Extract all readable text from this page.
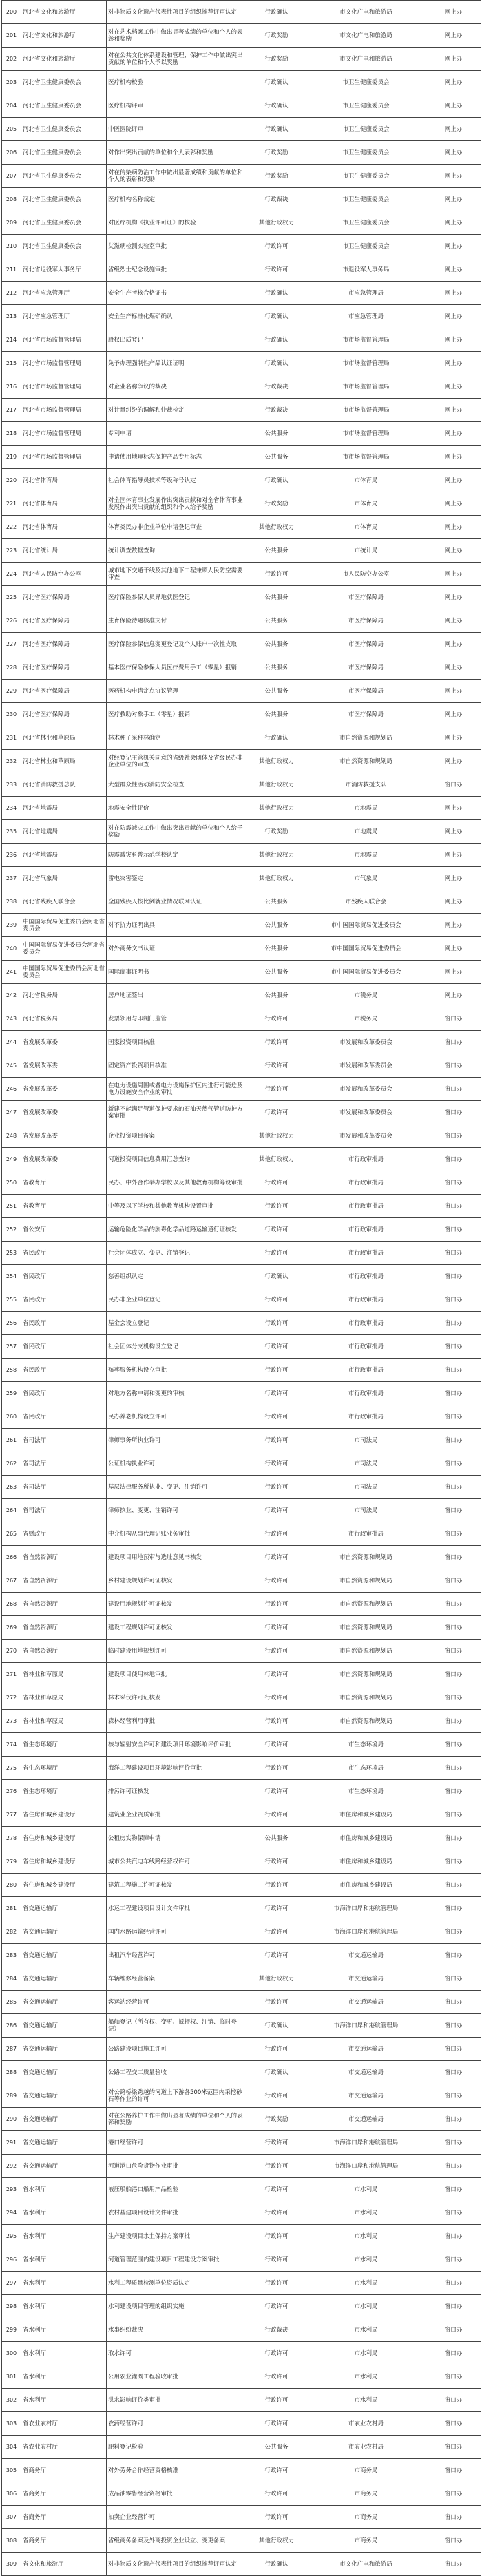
200	河北省文化和旅游厅	对非物质文化遗产代表性项目的组织推荐评审认定	行政确认	市文化广电和旅游局	网上办
201	河北省文化和旅游厅	对在艺术档案工作中做出显著成绩的单位和个人的表彰和奖励	行政奖励	市文化广电和旅游局	网上办
202	河北省文化和旅游厅	对在公共文化体系建设和管理、保护工作中做出突出贡献的单位和个人予以奖励	行政奖励	市文化广电和旅游局	网上办
203	河北省卫生健康委员会	医疗机构校验	行政确认	市卫生健康委员会	网上办
204	河北省卫生健康委员会	医疗机构评审	行政确认	市卫生健康委员会	网上办
205	河北省卫生健康委员会	中医医院评审	行政确认	市卫生健康委员会	网上办
206	河北省卫生健康委员会	对作出突出贡献的单位和个人表彰和奖励	行政奖励	市卫生健康委员会	网上办
207	河北省卫生健康委员会	对在传染病防治工作中做出显著成绩和贡献的单位和个人的表彰和奖励	行政奖励	市卫生健康委员会	网上办
208	河北省卫生健康委员会	医疗机构名称裁定	行政裁决	市卫生健康委员会	网上办
209	河北省卫生健康委员会	对医疗机构《执业许可证》的校验	其他行政权力	市卫生健康委员会	网上办
210	河北省卫生健康委员会	艾滋病检测实验室审批	行政许可	市卫生健康委员会	网上办
211	河北省退役军人事务厅	省级烈士纪念设施审批	行政许可	市退役军人事务局	网上办
212	河北省应急管理厅	安全生产考核合格证书	行政确认	市应急管理局	网上办
213	河北省应急管理厅	安全生产标准化煤矿确认	行政确认	市应急管理局	网上办
214	河北省市场监督管理局	股权出质登记	行政确认	市市场监督管理局	网上办
215	河北省市场监督管理局	免予办理强制性产品认证证明	行政确认	市市场监督管理局	网上办
216	河北省市场监督管理局	对企业名称争议的裁决	行政裁决	市市场监督管理局	网上办
217	河北省市场监督管理局	对计量纠纷的调解和仲裁检定	行政裁决	市市场监督管理局	网上办
218	河北省市场监督管理局	专利申请	公共服务	市市场监督管理局	网上办
219	河北省市场监督管理局	申请使用地理标志保护产品专用标志	公共服务	市市场监督管理局	网上办
220	河北省体育局	社会体育指导员技术等级称号认定	行政确认	市体育局	网上办
221	河北省体育局	对全国体育事业发展作出突出贡献和对全省体育事业发展作出突出贡献的组织和个人给予奖励	行政奖励	市体育局	网上办
222	河北省体育局	体育类民办非企业单位申请登记审查	其他行政权力	市体育局	网上办
223	河北省统计局	统计调查数据查询	公共服务	市统计局	网上办
224	河北省人民防空办公室	城市地下交通干线及其他地下工程兼顾人民防空需要审查	行政许可	市人民防空办公室	网上办
225	河北省医疗保障局	医疗保险参保人员异地就医登记	公共服务	市医疗保障局	网上办
226	河北省医疗保障局	生育保险待遇核准支付	公共服务	市医疗保障局	网上办
227	河北省医疗保障局	医疗保险参保信息变更登记及个人账户一次性支取	公共服务	市医疗保障局	网上办
228	河北省医疗保障局	基本医疗保险参保人员医疗费用手工（零星）报销	公共服务	市医疗保障局	网上办
229	河北省医疗保障局	医药机构申请定点协议管理	公共服务	市医疗保障局	网上办
230	河北省医疗保障局	医疗救助对象手工（零星）报销	公共服务	市医疗保障局	网上办
231	河北省林业和草原局	林木种子采种林确定	行政确认	市自然资源和规划局	网上办
232	河北省林业和草原局	对经登记主管机关同意的省级社会团体及省级民办非企业单位的审查	其他行政权力	市自然资源和规划局	网上办
233	河北省消防救援总队	大型群众性活动消防安全检查	其他行政权力	市消防救援支队	窗口办
234	河北省地震局	地震安全性评价	其他行政权力	市地震局	网上办
235	河北省地震局	对在防震减灾工作中做出突出贡献的单位和个人给予奖励	行政奖励	市地震局	网上办
236	河北省地震局	防震减灾科普示范学校认定	其他行政权力	市地震局	网上办
237	河北省气象局	雷电灾害鉴定	其他行政权力	市气象局	网上办
238	河北省残疾人联合会	全国残疾人按比例就业情况联网认证	公共服务	市残疾人联合会	网上办
239	中国国际贸易促进委员会河北省委员会	对不抗力证明出具	公共服务	市中国国际贸易促进委员会	网上办
240	中国国际贸易促进委员会河北省委员会	对外商务文书认证	公共服务	市中国国际贸易促进委员会	网上办
241	中国国际贸易促进委员会河北省委员会	国际商事证明书	公共服务	市中国国际贸易促进委员会	网上办
242	河北省税务局	居户地证签出	公共服务	市税务局	网上办
243	河北省税务局	发票领用与印制门监管	行政许可	市税务局	窗口办
244	省发展改革委	国家投资项目核准	行政许可	市发展和改革委员会	窗口办
245	省发展改革委	固定资产投资项目核准	行政许可	市发展和改革委员会	窗口办
246	省发展改革委	在电力设施周围或者电力设施保护区内进行可能危及电力设施安全作业的审批	行政许可	市发展和改革委员会	窗口办
247	省发展改革委	新建不能满足管道保护要求的石油天然气管道防护方案审批	行政许可	市发展和改革委员会	窗口办
248	省发展改革委	企业投资项目备案	其他行政权力	市发展和改革委员会	窗口办
249	省发展改革委	河道投资项目信息费用汇总查询	其他行政权力	市行政审批局	窗口办
250	省教育厅	民办、中外合作举办学校以及其他教育机构筹设审批	行政许可	市行政审批局	窗口办
251	省教育厅	中等及以下学校和其他教育机构设置审批	行政许可	市行政审批局	窗口办
252	省公安厅	运输危险化学品的剧毒化学品道路运输通行证核发	行政许可	市行政审批局	窗口办
253	省民政厅	社会团体成立、变更、注销登记	行政许可	市行政审批局	窗口办
254	省民政厅	慈善组织认定	行政确认	市行政审批局	窗口办
255	省民政厅	民办非企业单位登记	行政许可	市行政审批局	窗口办
256	省民政厅	基金会设立登记	行政许可	市行政审批局	窗口办
257	省民政厅	社会团体分支机构设立登记	行政许可	市行政审批局	窗口办
258	省民政厅	殡葬服务机构设立审批	行政许可	市行政审批局	窗口办
259	省民政厅	对地方名称申请和变更的审核	行政许可	市行政审批局	窗口办
260	省民政厅	民办养老机构设立许可	行政许可	市行政审批局	窗口办
261	省司法厅	律师事务所执业许可	行政许可	市司法局	窗口办
262	省司法厅	公证机构执业许可	行政许可	市司法局	窗口办
263	省司法厅	基层法律服务所执业、变更、注销许可	行政许可	市司法局	窗口办
264	省司法厅	律师执业、变更、注销许可	行政许可	市司法局	窗口办
265	省财政厅	中介机构从事代理记账业务审批	行政许可	市行政审批局	窗口办
266	省自然资源厅	建设项目用地预审与选址意见书核发	行政许可	市自然资源和规划局	窗口办
267	省自然资源厅	乡村建设规划许可证核发	行政许可	市自然资源和规划局	窗口办
268	省自然资源厅	建设用地规划许可证核发	行政许可	市自然资源和规划局	窗口办
269	省自然资源厅	建设工程规划许可证核发	行政许可	市自然资源和规划局	窗口办
270	省自然资源厅	临时建设用地规划许可	行政许可	市自然资源和规划局	窗口办
271	省林业和草原局	建设项目使用林地审批	行政许可	市自然资源和规划局	窗口办
272	省林业和草原局	林木采伐许可证核发	行政许可	市自然资源和规划局	窗口办
273	省林业和草原局	森林经营利用审批	行政许可	市自然资源和规划局	窗口办
274	省生态环境厅	核与辐射安全许可和建设项目环境影响评价审批	行政许可	市生态环境局	窗口办
275	省生态环境厅	海洋工程建设项目环境影响评价审批	行政许可	市生态环境局	窗口办
276	省生态环境厅	排污许可证核发	行政许可	市生态环境局	窗口办
277	省住房和城乡建设厅	建筑业企业资质审批	行政许可	市住房和城乡建设局	窗口办
278	省住房和城乡建设厅	公租房实物保障申请	公共服务	市住房和城乡建设局	窗口办
279	省住房和城乡建设厅	城市公共汽电车线路经营权许可	行政许可	市住房和城乡建设局	窗口办
280	省住房和城乡建设厅	建筑工程施工许可证核发	行政许可	市住房和城乡建设局	窗口办
281	省交通运输厅	水运工程建设项目设计文件审批	行政许可	市海洋口岸和港航管理局	窗口办
282	省交通运输厅	国内水路运输经营许可	行政许可	市海洋口岸和港航管理局	窗口办
283	省交通运输厅	出租汽车经营许可	行政许可	市交通运输局	窗口办
284	省交通运输厅	车辆维修经营备案	其他行政权力	市交通运输局	窗口办
285	省交通运输厅	客运站经营许可	行政许可	市交通运输局	窗口办
286	省交通运输厅	船舶登记（所有权、变更、抵押权、注销、临时登记）	行政确认	市海洋口岸和港航管理局	窗口办
287	省交通运输厅	公路建设项目施工许可	行政许可	市交通运输局	窗口办
288	省交通运输厅	公路工程交工质量验收	行政确认	市交通运输局	窗口办
289	省交通运输厅	对公路桥梁跨越的河道上下游各500米范围内采挖砂石等作业的许可	行政许可	市交通运输局	窗口办
290	省交通运输厅	对在公路养护工作中做出显著成绩的单位和个人的表彰和奖励	行政奖励	市交通运输局	窗口办
291	省交通运输厅	港口经营许可	行政许可	市海洋口岸和港航管理局	窗口办
292	省交通运输厅	河道港口危险货物作业审批	行政许可	市海洋口岸和港航管理局	窗口办
293	省水利厅	液压船舶港口船用产品检验	行政许可	市水利局	窗口办
294	省水利厅	农村基建项目设计文件审批	行政许可	市水利局	窗口办
295	省水利厅	生产建设项目水土保持方案审批	行政许可	市水利局	窗口办
296	省水利厅	河道管理范围内建设项目工程建设方案审批	行政许可	市水利局	窗口办
297	省水利厅	水利工程质量检测单位资质认定	行政许可	市水利局	窗口办
298	省水利厅	水利建设项目管理的组织实施	行政许可	市水利局	窗口办
299	省水利厅	水事纠纷裁决	行政裁决	市水利局	窗口办
300	省水利厅	取水许可	行政许可	市水利局	窗口办
301	省水利厅	公用农业灌溉工程验收审批	行政许可	市水利局	窗口办
302	省水利厅	洪水影响评价类审批	行政许可	市水利局	窗口办
303	省农业农村厅	农药经营许可	行政许可	市农业农村局	窗口办
304	省农业农村厅	肥料登记检验	公共服务	市农业农村局	窗口办
305	省商务厅	对外劳务合作经营资格核准	行政许可	市商务局	窗口办
306	省商务厅	成品油零售经营资格审批	行政许可	市商务局	窗口办
307	省商务厅	拍卖企业经营许可	行政许可	市商务局	窗口办
308	省商务厅	省级商务备案及外商投资企业设立、变更备案	其他行政权力	市商务局	窗口办
309	省文化和旅游厅	对非物质文化遗产代表性项目的组织推荐评审认定	行政确认	市文化广电和旅游局	窗口办
